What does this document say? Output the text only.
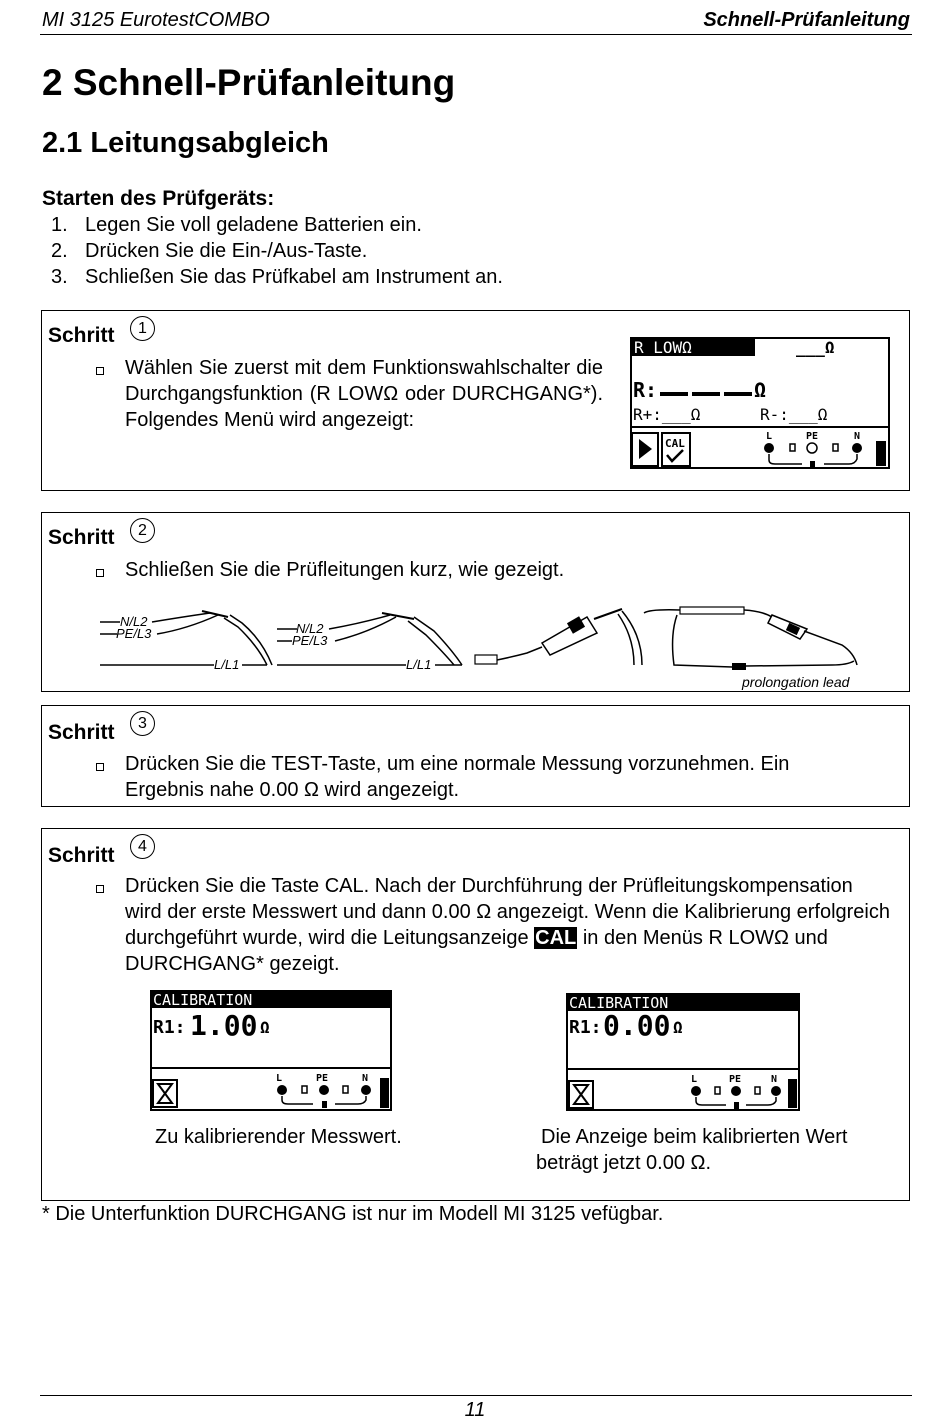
MI 3125 EurotestCOMBO	Schnell-Prüfanleitung
2 Schnell-Prüfanleitung
2.1 Leitungsabgleich
Starten des Prüfgeräts:
1. Legen Sie voll geladene Batterien ein.
2. Drücken Sie die Ein-/Aus-Taste.
3. Schließen Sie das Prüfkabel am Instrument an.
Schritt	1
Wählen Sie zuerst mit dem Funktionswahlschalter die Durchgangsfunktion (R LOWΩ oder DURCHGANG*). Folgendes Menü wird angezeigt:
R LOWΩ	___Ω
R:	Ω
R+:___Ω	R-:___Ω
CAL
L	PE	N
Schritt	2
Schließen Sie die Prüfleitungen kurz, wie gezeigt.
N/L2
PE/L3
L/L1
N/L2
PE/L3
L/L1
prolongation lead
Schritt	3
Drücken Sie die TEST-Taste, um eine normale Messung vorzunehmen. Ein Ergebnis nahe 0.00 Ω wird angezeigt.
Schritt	4
Drücken Sie die Taste CAL. Nach der Durchführung der Prüfleitungskompensation wird der erste Messwert und dann 0.00 Ω angezeigt. Wenn die Kalibrierung erfolgreich durchgeführt wurde, wird die Leitungsanzeige CAL in den Menüs R LOWΩ und DURCHGANG* gezeigt.
CALIBRATION
R1: 1.00 Ω
L	PE	N
CALIBRATION
R1: 0.00 Ω
L	PE	N
Zu kalibrierender Messwert.	Die Anzeige beim kalibrierten Wert beträgt jetzt 0.00 Ω.
* Die Unterfunktion DURCHGANG ist nur im Modell MI 3125 vefügbar.
11
